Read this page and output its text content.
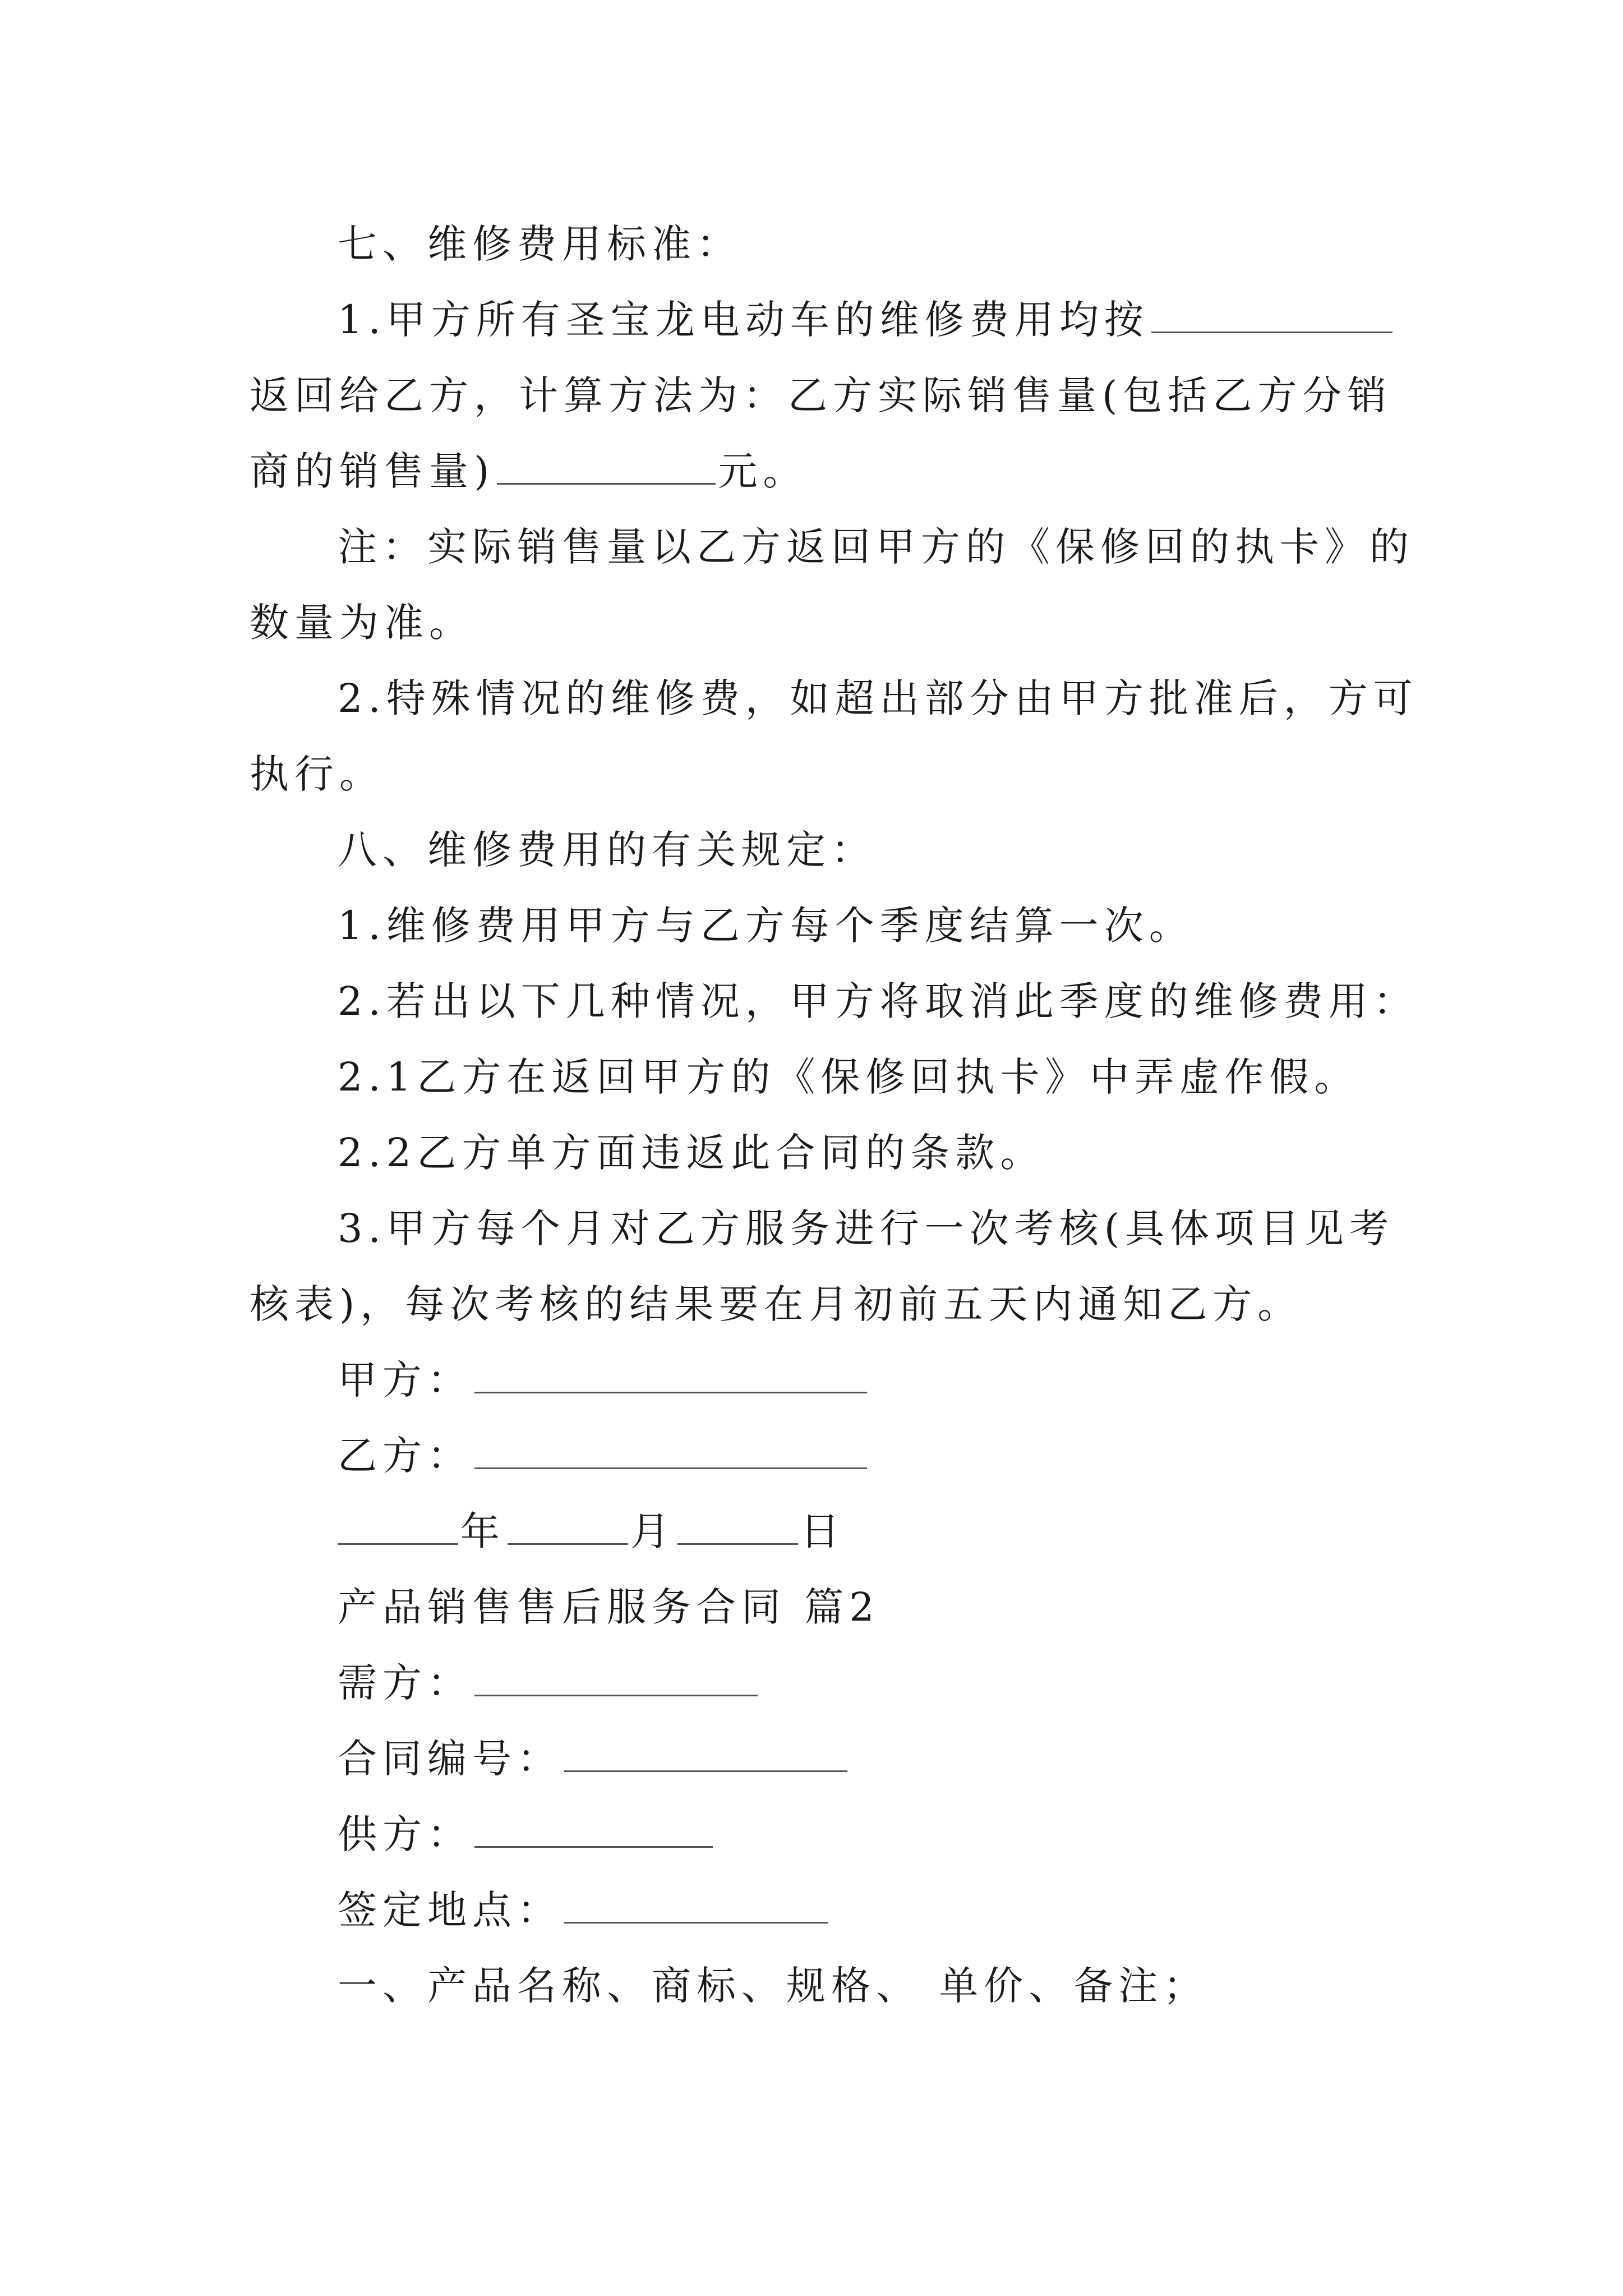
七、维修费用标准：
1.甲方所有圣宝龙电动车的维修费用均按
返回给乙方，计算方法为：乙方实际销售量(包括乙方分销
商的销售量)	元。
注：实际销售量以乙方返回甲方的《保修回的执卡》的
数量为准。
2.特殊情况的维修费，如超出部分由甲方批准后，方可
执行。
八、维修费用的有关规定：
1.维修费用甲方与乙方每个季度结算一次。
2.若出以下几种情况，甲方将取消此季度的维修费用：
2.1乙方在返回甲方的《保修回执卡》中弄虚作假。
2.2乙方单方面违返此合同的条款。
3.甲方每个月对乙方服务进行一次考核(具体项目见考
核表)，每次考核的结果要在月初前五天内通知乙方。
甲方：
乙方：
年	月	日
产品销售售后服务合同 篇2
需方：
合同编号：
供方：
签定地点：
一、产品名称、商标、规格、 单价、备注；
